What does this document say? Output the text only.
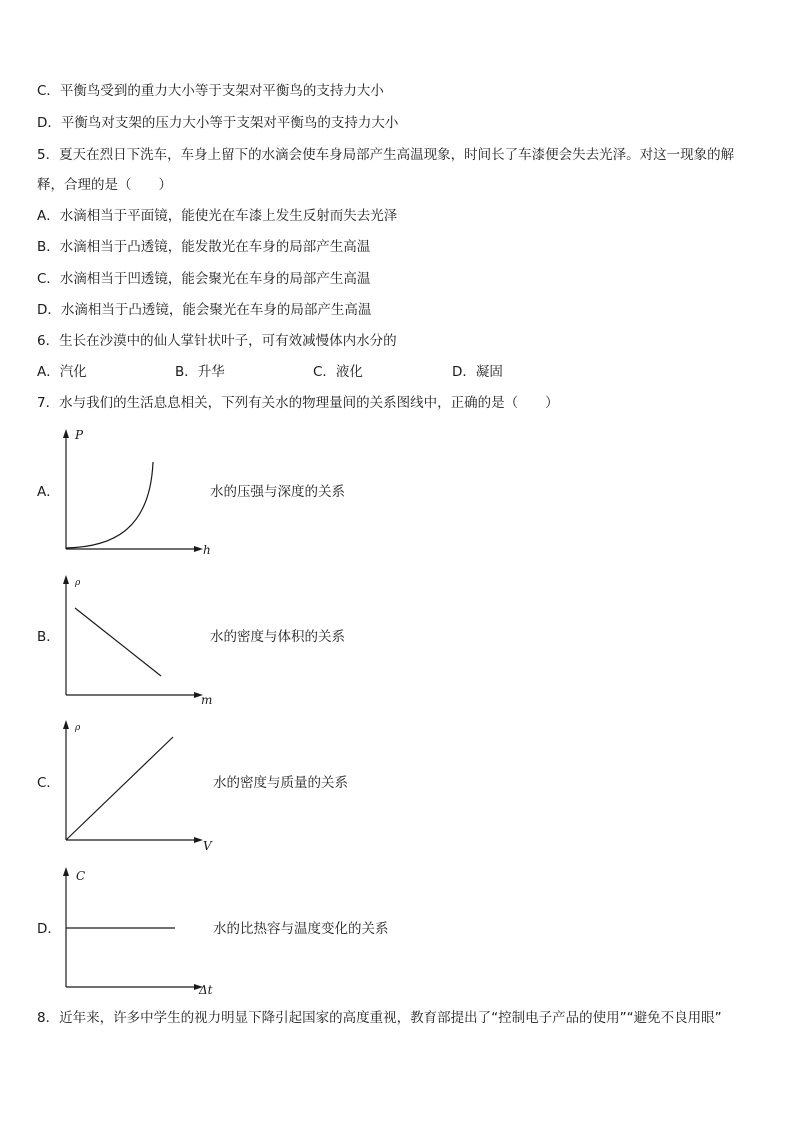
C．平衡鸟受到的重力大小等于支架对平衡鸟的支持力大小
D．平衡鸟对支架的压力大小等于支架对平衡鸟的支持力大小
5．夏天在烈日下洗车，车身上留下的水滴会使车身局部产生高温现象，时间长了车漆便会失去光泽。对这一现象的解
释，合理的是（　　）
A．水滴相当于平面镜，能使光在车漆上发生反射而失去光泽
B．水滴相当于凸透镜，能发散光在车身的局部产生高温
C．水滴相当于凹透镜，能会聚光在车身的局部产生高温
D．水滴相当于凸透镜，能会聚光在车身的局部产生高温
6．生长在沙漠中的仙人掌针状叶子，可有效减慢体内水分的
A．汽化	B．升华	C．液化	D．凝固
7．水与我们的生活息息相关，下列有关水的物理量间的关系图线中，正确的是（　　）
A．
P
h
水的压强与深度的关系
B．
ρ
m
水的密度与体积的关系
C．
ρ
V
水的密度与质量的关系
D．
C
Δt
水的比热容与温度变化的关系
8．近年来，许多中学生的视力明显下降引起国家的高度重视，教育部提出了“控制电子产品的使用”“避免不良用眼”
